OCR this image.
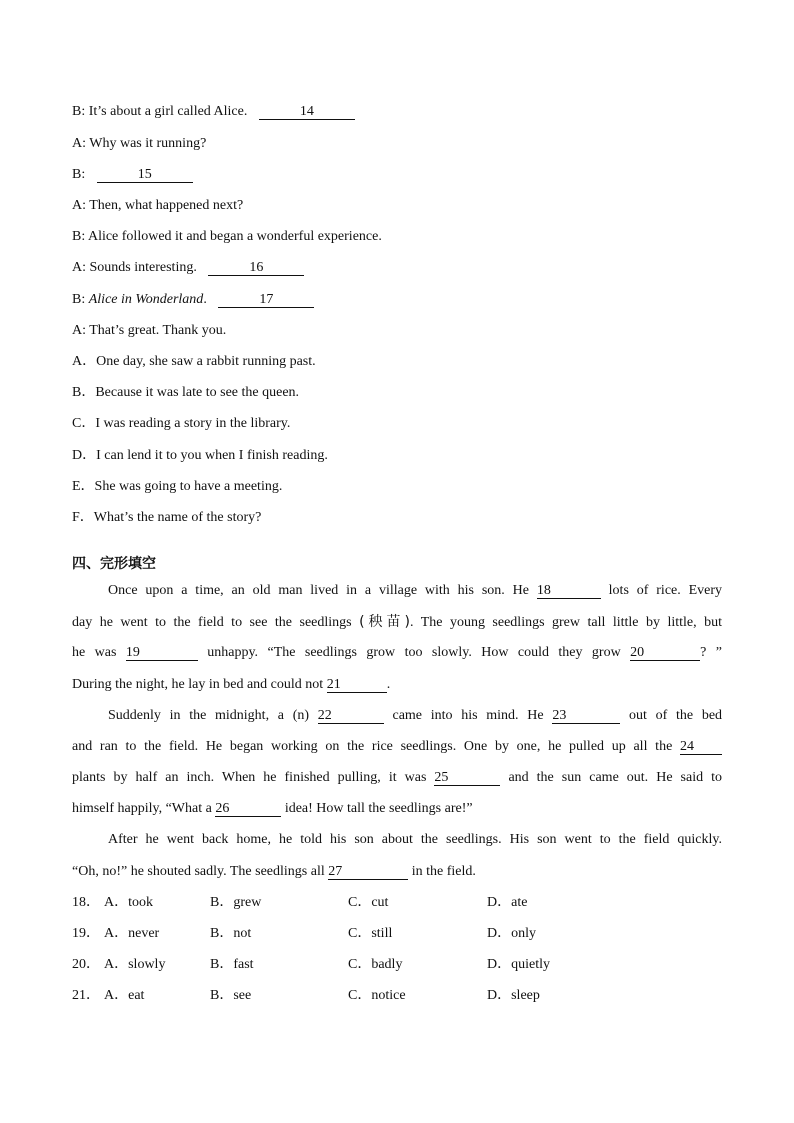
B: It’s about a girl called Alice.	14
A: Why was it running?
B:	15
A: Then, what happened next?
B: Alice followed it and began a wonderful experience.
A: Sounds interesting.	16
B: Alice in Wonderland.	17
A: That’s great. Thank you.
A．One day, she saw a rabbit running past.
B．Because it was late to see the queen.
C．I was reading a story in the library.
D．I can lend it to you when I finish reading.
E．She was going to have a meeting.
F．What’s the name of the story?
四、完形填空
Once upon a time, an old man lived in a village with his son. He 18	lots of rice. Every
day he went to the field to see the seedlings (秧苗). The young seedlings grew tall little by little, but
he was 19	unhappy. “The seedlings grow too slowly. How could they grow 20	? ”
During the night, he lay in bed and could not 21	.
Suddenly in the midnight, a (n) 22	came into his mind. He 23	out of the bed
and ran to the field. He began working on the rice seedlings. One by one, he pulled up all the 24
plants by half an inch. When he finished pulling, it was 25	and the sun came out. He said to
himself happily, “What a 26	idea! How tall the seedlings are!”
After he went back home, he told his son about the seedlings. His son went to the field quickly.
“Oh, no!” he shouted sadly. The seedlings all 27	in the field.
18． A．took	B．grew	C．cut	D．ate
19． A．never	B．not	C．still	D．only
20． A．slowly	B．fast	C．badly	D．quietly
21． A．eat	B．see	C．notice	D．sleep
